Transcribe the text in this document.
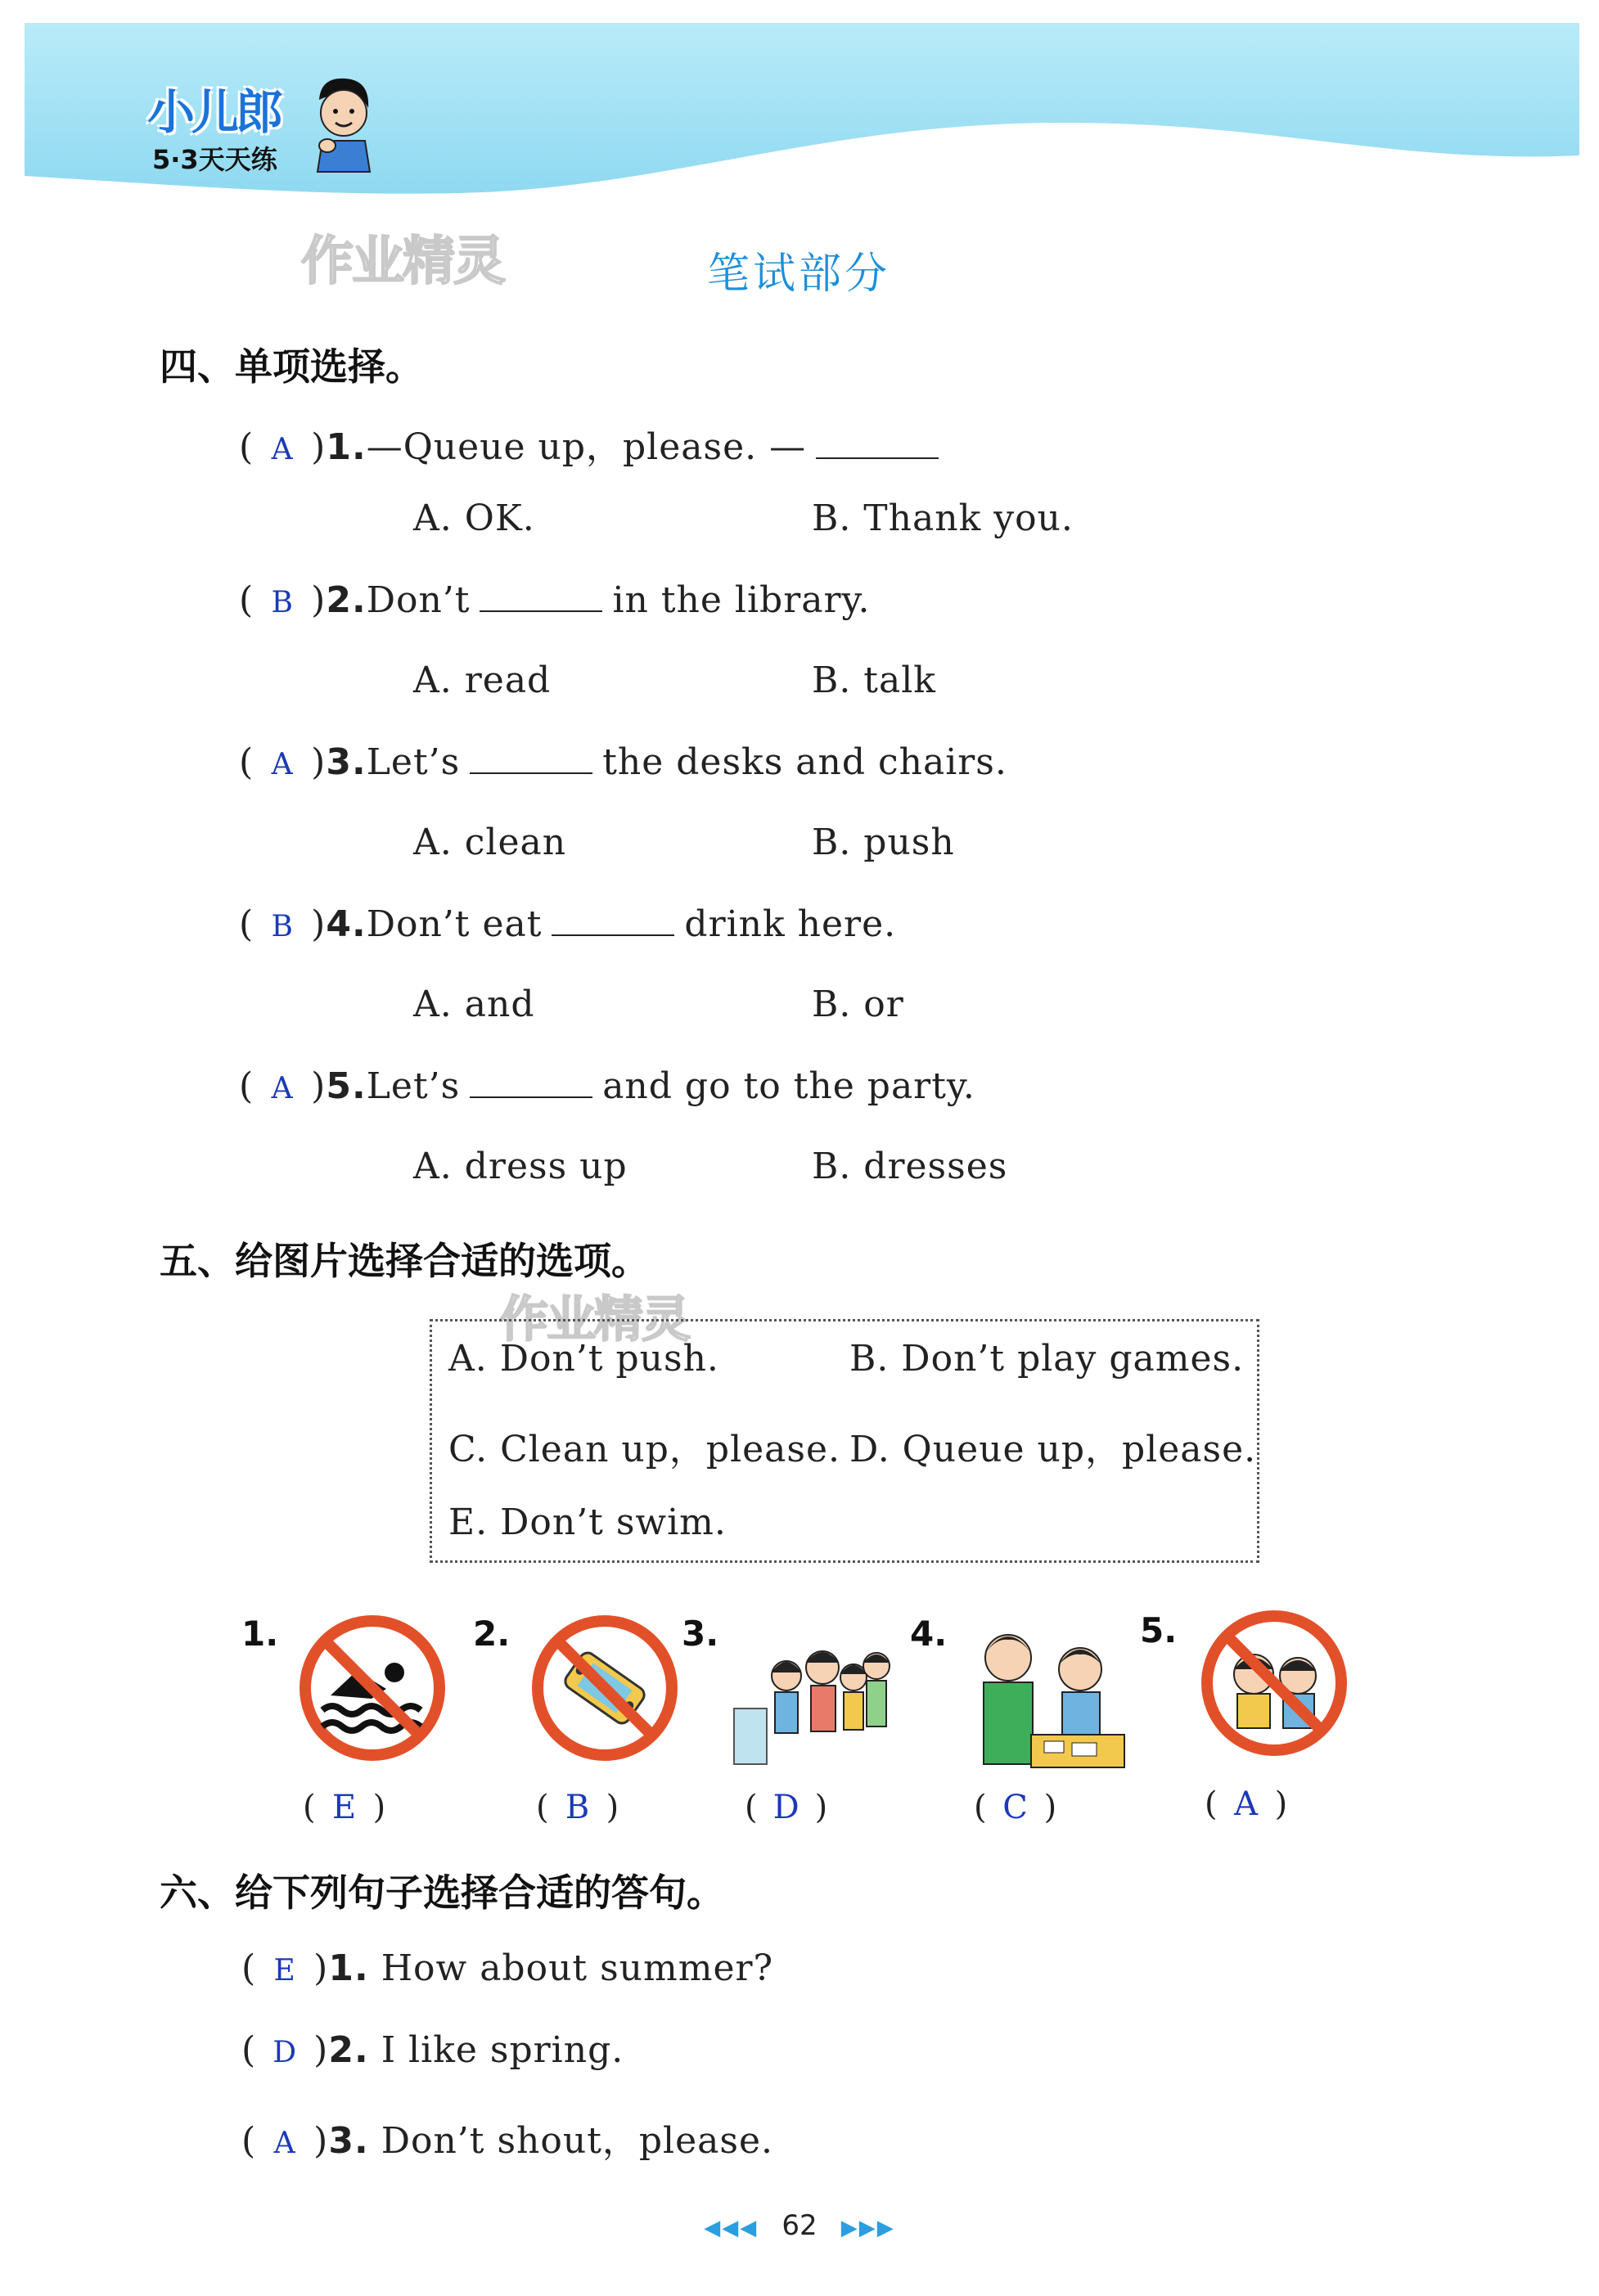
小儿郎
5·3天天练
作业精灵	笔试部分
四、单项选择。
( A )1.—Queue up，please. —
A. OK.	B. Thank you.
( B )2.Don’t	in the library.
A. read	B. talk
( A )3.Let’s	the desks and chairs.
A. clean	B. push
( B )4.Don’t eat	drink here.
A. and	B. or
( A )5.Let’s	and go to the party.
A. dress up	B. dresses
五、给图片选择合适的选项。
作业精灵
A. Don’t push.	B. Don’t play games.
C. Clean up，please. D. Queue up，please.
E. Don’t swim.
1.
( E )
2.
( B )
3.
( D )
4.
( C )
5.
( A )
六、给下列句子选择合适的答句。
( E )1. How about summer?
( D )2. I like spring.
( A )3. Don’t shout，please.
◀◀◀ 62 ▶▶▶
